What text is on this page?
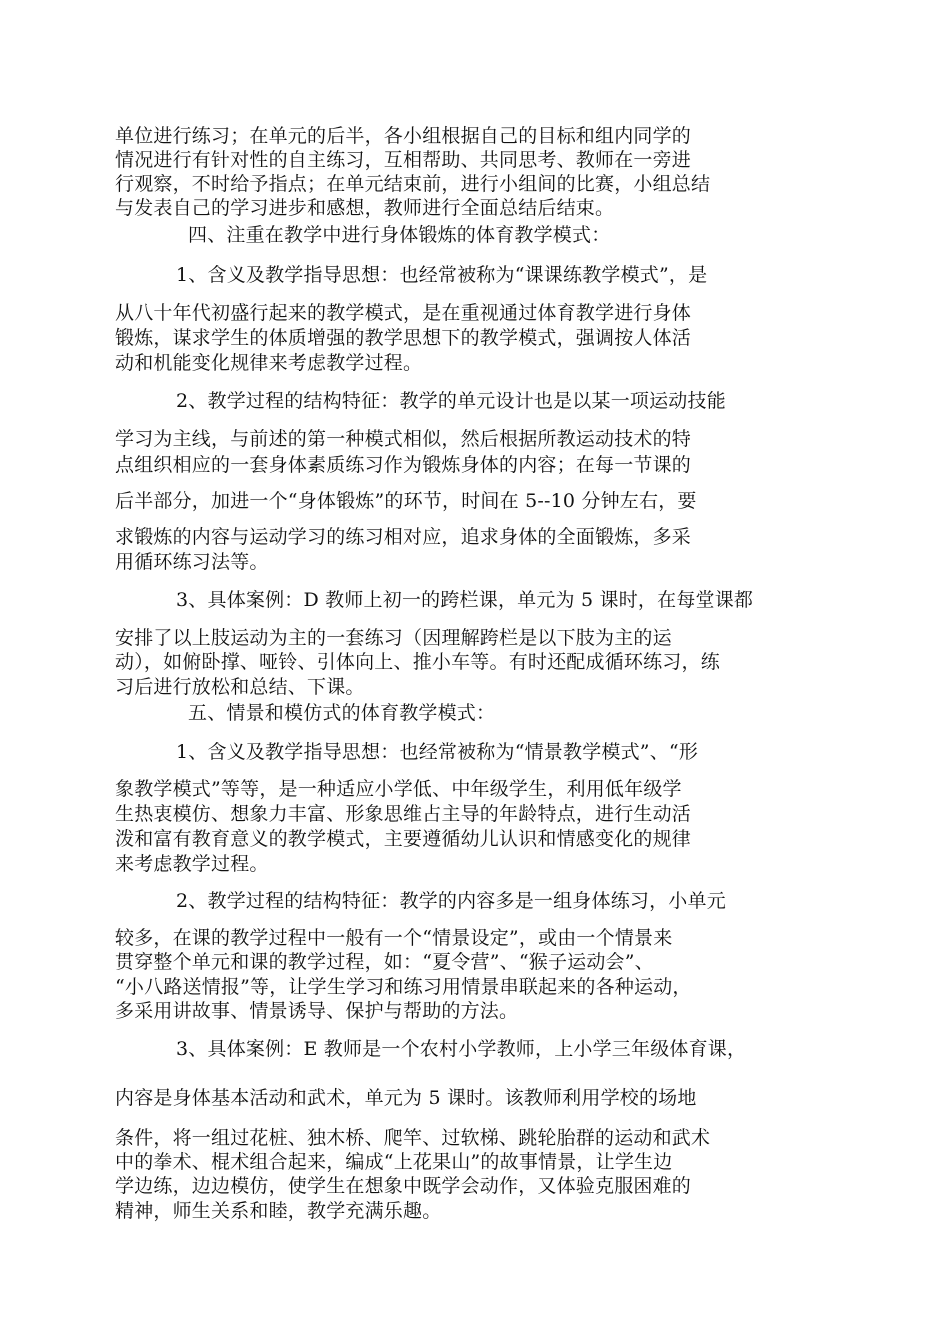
单位进行练习；在单元的后半，各小组根据自己的目标和组内同学的
情况进行有针对性的自主练习，互相帮助、共同思考、教师在一旁进
行观察，不时给予指点；在单元结束前，进行小组间的比赛，小组总结
与发表自己的学习进步和感想，教师进行全面总结后结束。
四、注重在教学中进行身体锻炼的体育教学模式：
1、含义及教学指导思想：也经常被称为“课课练教学模式”，是
从八十年代初盛行起来的教学模式，是在重视通过体育教学进行身体
锻炼，谋求学生的体质增强的教学思想下的教学模式，强调按人体活
动和机能变化规律来考虑教学过程。
2、教学过程的结构特征：教学的单元设计也是以某一项运动技能
学习为主线，与前述的第一种模式相似，然后根据所教运动技术的特
点组织相应的一套身体素质练习作为锻炼身体的内容；在每一节课的
后半部分，加进一个“身体锻炼”的环节，时间在 5--10 分钟左右，要
求锻炼的内容与运动学习的练习相对应，追求身体的全面锻炼，多采
用循环练习法等。
3、具体案例：D 教师上初一的跨栏课，单元为 5 课时，在每堂课都
安排了以上肢运动为主的一套练习（因理解跨栏是以下肢为主的运
动），如俯卧撑、哑铃、引体向上、推小车等。有时还配成循环练习，练
习后进行放松和总结、下课。
五、情景和模仿式的体育教学模式：
1、含义及教学指导思想：也经常被称为“情景教学模式”、“形
象教学模式”等等，是一种适应小学低、中年级学生，利用低年级学
生热衷模仿、想象力丰富、形象思维占主导的年龄特点，进行生动活
泼和富有教育意义的教学模式，主要遵循幼儿认识和情感变化的规律
来考虑教学过程。
2、教学过程的结构特征：教学的内容多是一组身体练习，小单元
较多，在课的教学过程中一般有一个“情景设定”，或由一个情景来
贯穿整个单元和课的教学过程，如：“夏令营”、“猴子运动会”、
“小八路送情报”等，让学生学习和练习用情景串联起来的各种运动，
多采用讲故事、情景诱导、保护与帮助的方法。
3、具体案例：E 教师是一个农村小学教师，上小学三年级体育课，
内容是身体基本活动和武术，单元为 5 课时。该教师利用学校的场地
条件，将一组过花桩、独木桥、爬竿、过软梯、跳轮胎群的运动和武术
中的拳术、棍术组合起来，编成“上花果山”的故事情景，让学生边
学边练，边边模仿，使学生在想象中既学会动作，又体验克服困难的
精神，师生关系和睦，教学充满乐趣。
